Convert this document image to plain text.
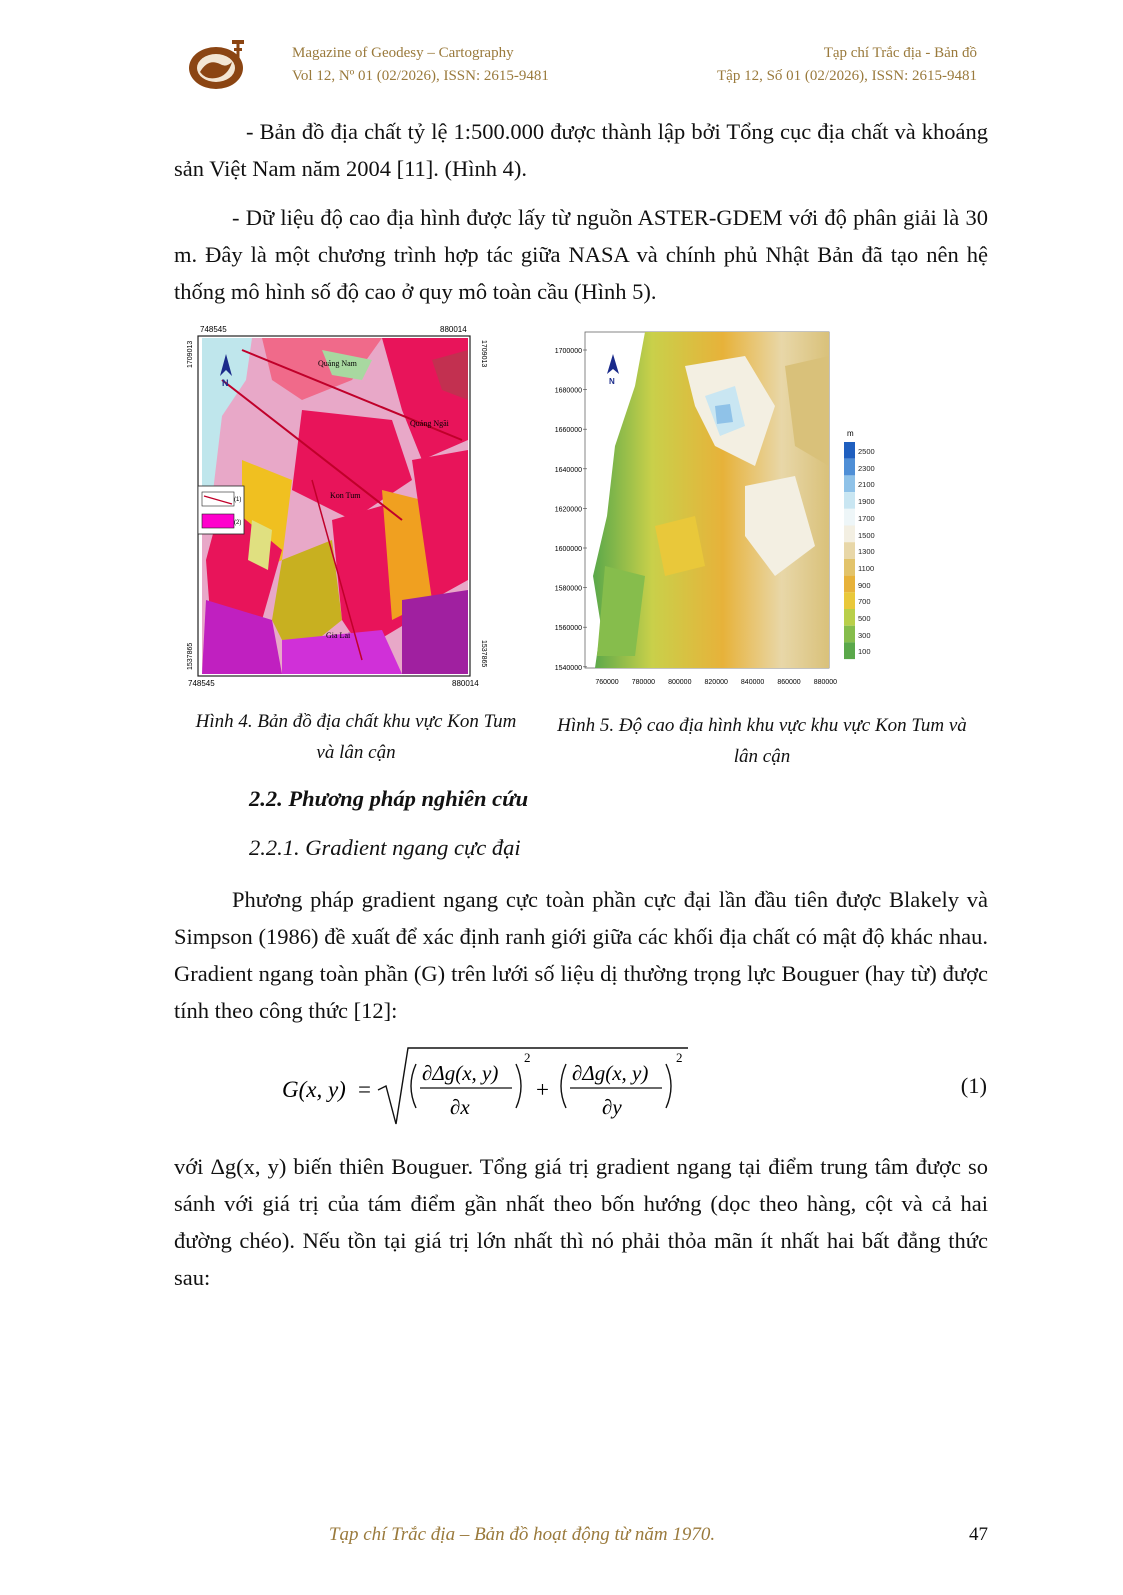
Magazine of Geodesy – Cartography
Vol 12, Nº 01 (02/2026), ISSN: 2615-9481
Tạp chí Trắc địa - Bản đồ
Tập 12, Số 01 (02/2026), ISSN: 2615-9481
- Bản đồ địa chất tỷ lệ 1:500.000 được thành lập bởi Tổng cục địa chất và khoáng sản Việt Nam năm 2004 [11]. (Hình 4).
- Dữ liệu độ cao địa hình được lấy từ nguồn ASTER-GDEM với độ phân giải là 30 m. Đây là một chương trình hợp tác giữa NASA và chính phủ Nhật Bản đã tạo nên hệ thống mô hình số độ cao ở quy mô toàn cầu (Hình 5).
748545	880014
748545	880014
1709013
1537865
1709013
1537865
N
Quảng Nam
Quảng Ngãi
Kon Tum
Gia Lai
(1)
(2)
N
1700000
1680000
1660000
1640000
1620000
1600000
1580000
1560000
1540000
760000 780000 800000 820000 840000 860000 880000
m
Hình 4. Bản đồ địa chất khu vực Kon Tum và lân cận
Hình 5. Độ cao địa hình khu vực khu vực Kon Tum và lân cận
2.2. Phương pháp nghiên cứu
2.2.1. Gradient ngang cực đại
Phương pháp gradient ngang cực toàn phần cực đại lần đầu tiên được Blakely và Simpson (1986) đề xuất để xác định ranh giới giữa các khối địa chất có mật độ khác nhau. Gradient ngang toàn phần (G) trên lưới số liệu dị thường trọng lực Bouguer (hay từ) được tính theo công thức [12]:
G(x, y) =
∂Δg(x, y)
∂x
2
+
∂Δg(x, y)
∂y
2
(1)
với Δg(x, y) biến thiên Bouguer. Tổng giá trị gradient ngang tại điểm trung tâm được so sánh với giá trị của tám điểm gần nhất theo bốn hướng (dọc theo hàng, cột và cả hai đường chéo). Nếu tồn tại giá trị lớn nhất thì nó phải thỏa mãn ít nhất hai bất đẳng thức sau:
Tạp chí Trắc địa – Bản đồ hoạt động từ năm 1970.	47
2500
2300
2100
1900
1700
1500
1300
1100
900
700
500
300
100
